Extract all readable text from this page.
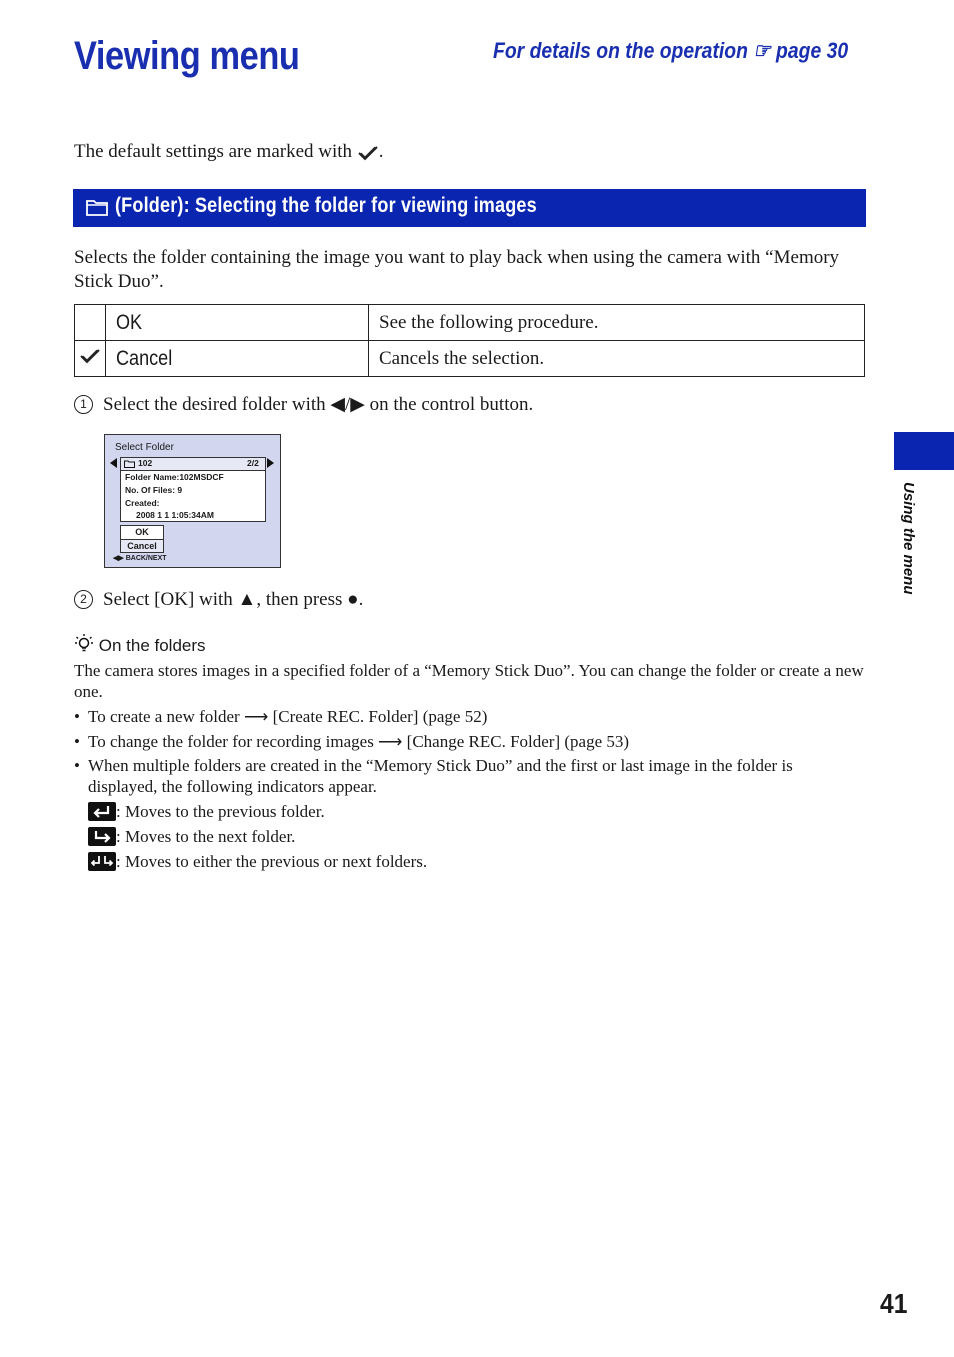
Viewing menu	For details on the operation ☞ page 30
The default settings are marked with .
(Folder): Selecting the folder for viewing images
Selects the folder containing the image you want to play back when using the camera with “Memory Stick Duo”.
	OK	See the following procedure.
	Cancel	Cancels the selection.
1 Select the desired folder with ◀/▶ on the control button.
Select Folder
102	2/2
Folder Name:102MSDCF
No. Of Files: 9
Created:
2008 1 1 1:05:34AM
OK
Cancel
◀▶ BACK/NEXT
2 Select [OK] with ▲, then press ●.
On the folders
The camera stores images in a specified folder of a “Memory Stick Duo”. You can change the folder or create a new one.
• To create a new folder ⟶ [Create REC. Folder] (page 52)
• To change the folder for recording images ⟶ [Change REC. Folder] (page 53)
• When multiple folders are created in the “Memory Stick Duo” and the first or last image in the folder is displayed, the following indicators appear.
: Moves to the previous folder.
: Moves to the next folder.
: Moves to either the previous or next folders.
Using the menu
41
